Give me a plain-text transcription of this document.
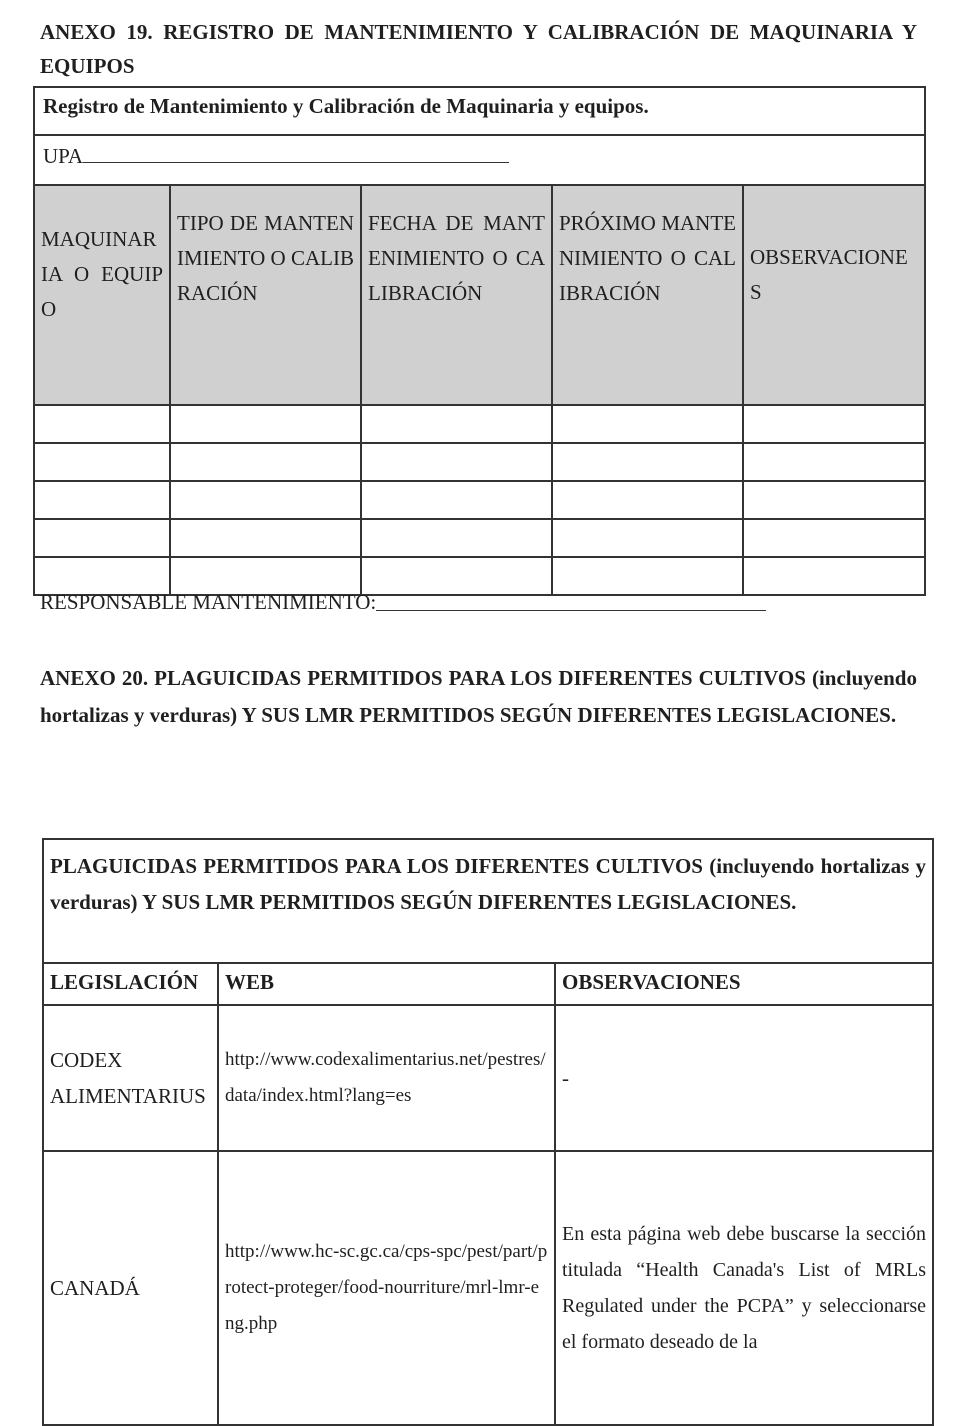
ANEXO 19. REGISTRO DE MANTENIMIENTO Y CALIBRACIÓN DE MAQUINARIA Y EQUIPOS

Registro de Mantenimiento y Calibración de Maquinaria y equipos.				
UPA				
MAQUINARIA O EQUIPO	TIPO DE MANTENIMIENTO O CALIBRACIÓN	FECHA DE MANTENIMIENTO O CALIBRACIÓN	PRÓXIMO MANTENIMIENTO O CALIBRACIÓN	OBSERVACIONES

RESPONSABLE MANTENIMIENTO:

ANEXO 20. PLAGUICIDAS PERMITIDOS PARA LOS DIFERENTES CULTIVOS (incluyendo hortalizas y verduras) Y SUS LMR PERMITIDOS SEGÚN DIFERENTES LEGISLACIONES.

PLAGUICIDAS PERMITIDOS PARA LOS DIFERENTES CULTIVOS (incluyendo hortalizas y verduras) Y SUS LMR PERMITIDOS SEGÚN DIFERENTES LEGISLACIONES.		
LEGISLACIÓN	WEB	OBSERVACIONES
CODEX ALIMENTARIUS	http://www.codexalimentarius.net/pestres/data/index.html?lang=es	-
CANADÁ	http://www.hc-sc.gc.ca/cps-spc/pest/part/protect-proteger/food-nourriture/mrl-lmr-eng.php	En esta página web debe buscarse la sección titulada “Health Canada's List of MRLs Regulated under the PCPA” y seleccionarse el formato deseado de la
